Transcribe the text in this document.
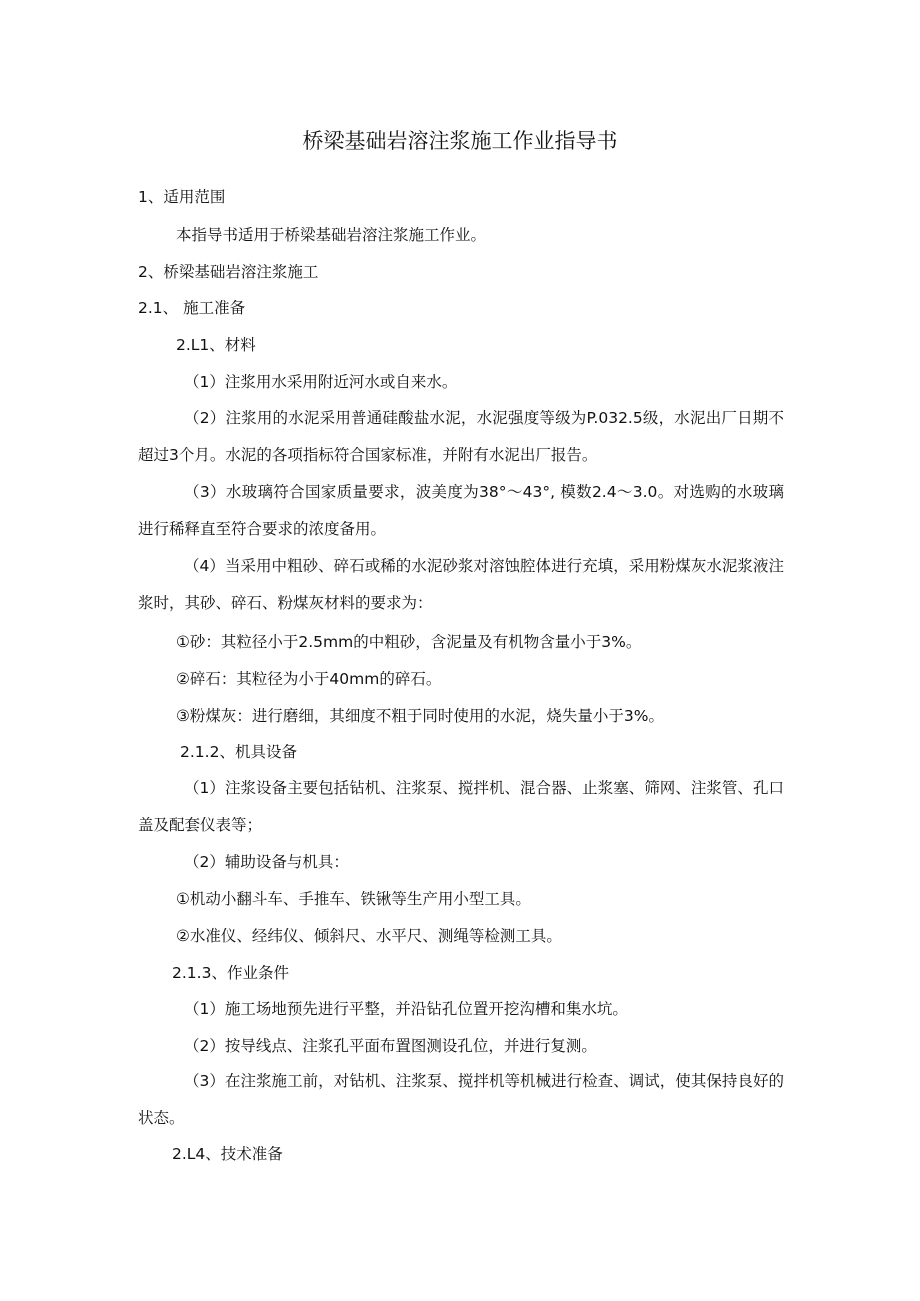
桥梁基础岩溶注浆施工作业指导书
1、适用范围
本指导书适用于桥梁基础岩溶注浆施工作业。
2、桥梁基础岩溶注浆施工
2.1、 施工准备
2.L1、材料
（1）注浆用水采用附近河水或自来水。
（2）注浆用的水泥采用普通硅酸盐水泥，水泥强度等级为P.032.5级，水泥出厂日期不超过3个月。水泥的各项指标符合国家标准，并附有水泥出厂报告。
（3）水玻璃符合国家质量要求，波美度为38°～43°, 模数2.4～3.0。对选购的水玻璃进行稀释直至符合要求的浓度备用。
（4）当采用中粗砂、碎石或稀的水泥砂浆对溶蚀腔体进行充填，采用粉煤灰水泥浆液注浆时，其砂、碎石、粉煤灰材料的要求为：
①砂：其粒径小于2.5mm的中粗砂，含泥量及有机物含量小于3%。
②碎石：其粒径为小于40mm的碎石。
③粉煤灰：进行磨细，其细度不粗于同时使用的水泥，烧失量小于3%。
2.1.2、机具设备
（1）注浆设备主要包括钻机、注浆泵、搅拌机、混合器、止浆塞、筛网、注浆管、孔口盖及配套仪表等；
（2）辅助设备与机具：
①机动小翻斗车、手推车、铁锹等生产用小型工具。
②水准仪、经纬仪、倾斜尺、水平尺、测绳等检测工具。
2.1.3、作业条件
（1）施工场地预先进行平整，并沿钻孔位置开挖沟槽和集水坑。
（2）按导线点、注浆孔平面布置图测设孔位，并进行复测。
（3）在注浆施工前，对钻机、注浆泵、搅拌机等机械进行检查、调试，使其保持良好的状态。
2.L4、技术准备
